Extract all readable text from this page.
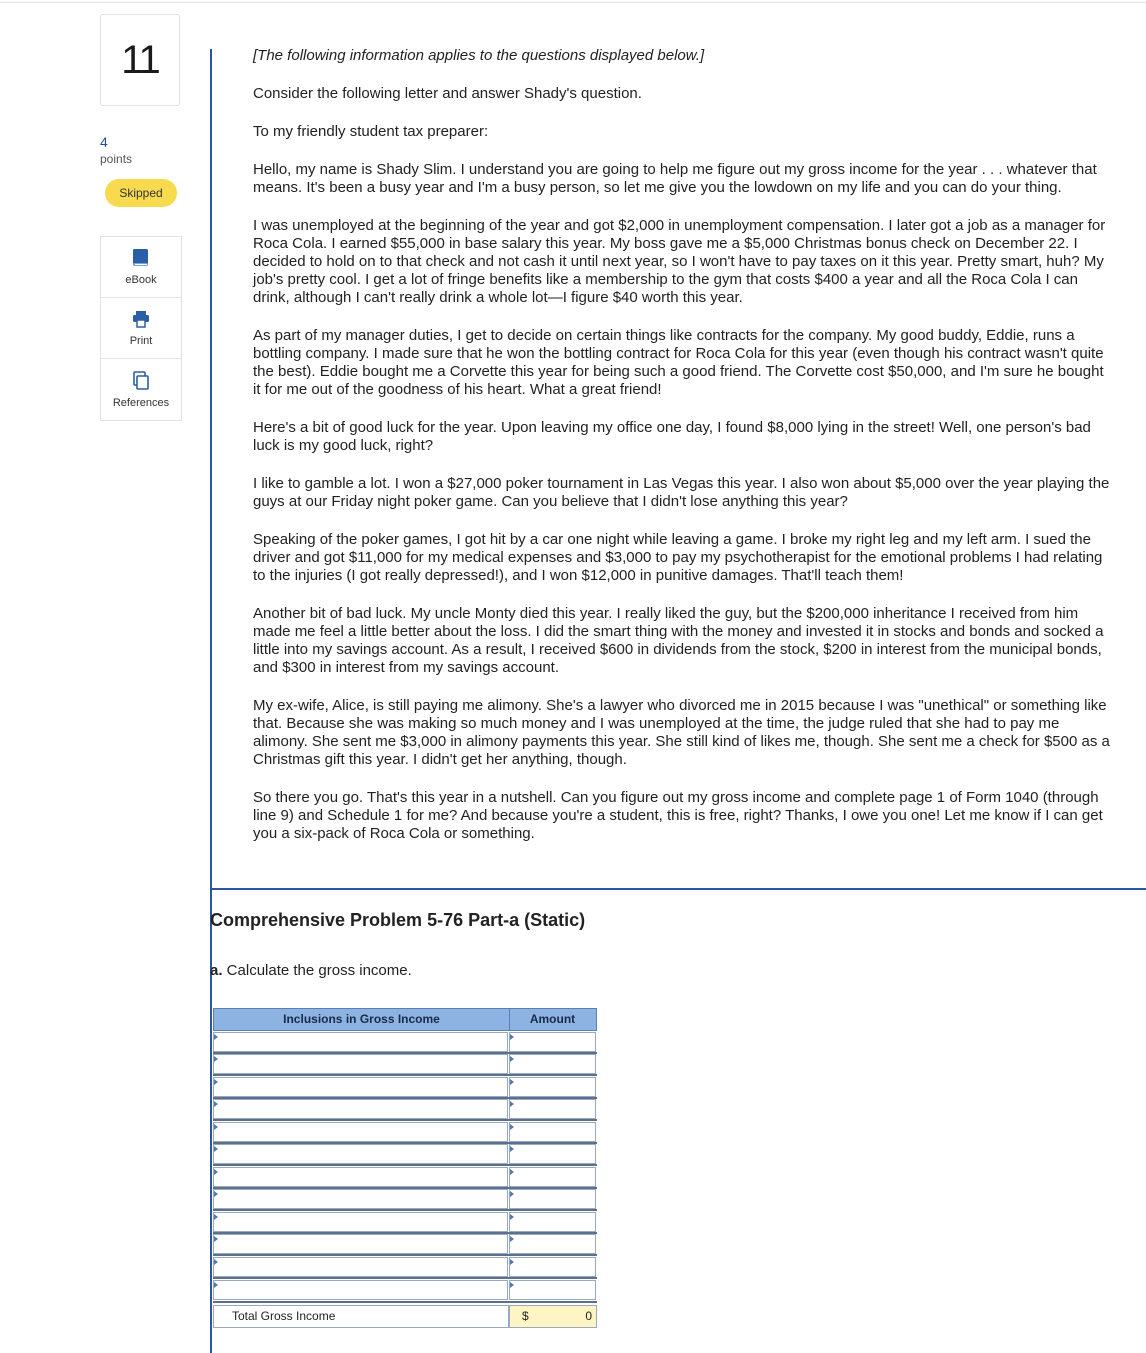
11
4
points
Skipped
eBook
Print
References

[The following information applies to the questions displayed below.]

Consider the following letter and answer Shady's question.

To my friendly student tax preparer:

Hello, my name is Shady Slim. I understand you are going to help me figure out my gross income for the year . . . whatever that means. It's been a busy year and I'm a busy person, so let me give you the lowdown on my life and you can do your thing.

I was unemployed at the beginning of the year and got $2,000 in unemployment compensation. I later got a job as a manager for Roca Cola. I earned $55,000 in base salary this year. My boss gave me a $5,000 Christmas bonus check on December 22. I decided to hold on to that check and not cash it until next year, so I won't have to pay taxes on it this year. Pretty smart, huh? My job's pretty cool. I get a lot of fringe benefits like a membership to the gym that costs $400 a year and all the Roca Cola I can drink, although I can't really drink a whole lot—I figure $40 worth this year.

As part of my manager duties, I get to decide on certain things like contracts for the company. My good buddy, Eddie, runs a bottling company. I made sure that he won the bottling contract for Roca Cola for this year (even though his contract wasn't quite the best). Eddie bought me a Corvette this year for being such a good friend. The Corvette cost $50,000, and I'm sure he bought it for me out of the goodness of his heart. What a great friend!

Here's a bit of good luck for the year. Upon leaving my office one day, I found $8,000 lying in the street! Well, one person's bad luck is my good luck, right?

I like to gamble a lot. I won a $27,000 poker tournament in Las Vegas this year. I also won about $5,000 over the year playing the guys at our Friday night poker game. Can you believe that I didn't lose anything this year?

Speaking of the poker games, I got hit by a car one night while leaving a game. I broke my right leg and my left arm. I sued the driver and got $11,000 for my medical expenses and $3,000 to pay my psychotherapist for the emotional problems I had relating to the injuries (I got really depressed!), and I won $12,000 in punitive damages. That'll teach them!

Another bit of bad luck. My uncle Monty died this year. I really liked the guy, but the $200,000 inheritance I received from him made me feel a little better about the loss. I did the smart thing with the money and invested it in stocks and bonds and socked a little into my savings account. As a result, I received $600 in dividends from the stock, $200 in interest from the municipal bonds, and $300 in interest from my savings account.

My ex-wife, Alice, is still paying me alimony. She's a lawyer who divorced me in 2015 because I was "unethical" or something like that. Because she was making so much money and I was unemployed at the time, the judge ruled that she had to pay me alimony. She sent me $3,000 in alimony payments this year. She still kind of likes me, though. She sent me a check for $500 as a Christmas gift this year. I didn't get her anything, though.

So there you go. That's this year in a nutshell. Can you figure out my gross income and complete page 1 of Form 1040 (through line 9) and Schedule 1 for me? And because you're a student, this is free, right? Thanks, I owe you one! Let me know if I can get you a six-pack of Roca Cola or something.

Comprehensive Problem 5-76 Part-a (Static)
a. Calculate the gross income.
Inclusions in Gross Income	Amount
Total Gross Income	$	0
